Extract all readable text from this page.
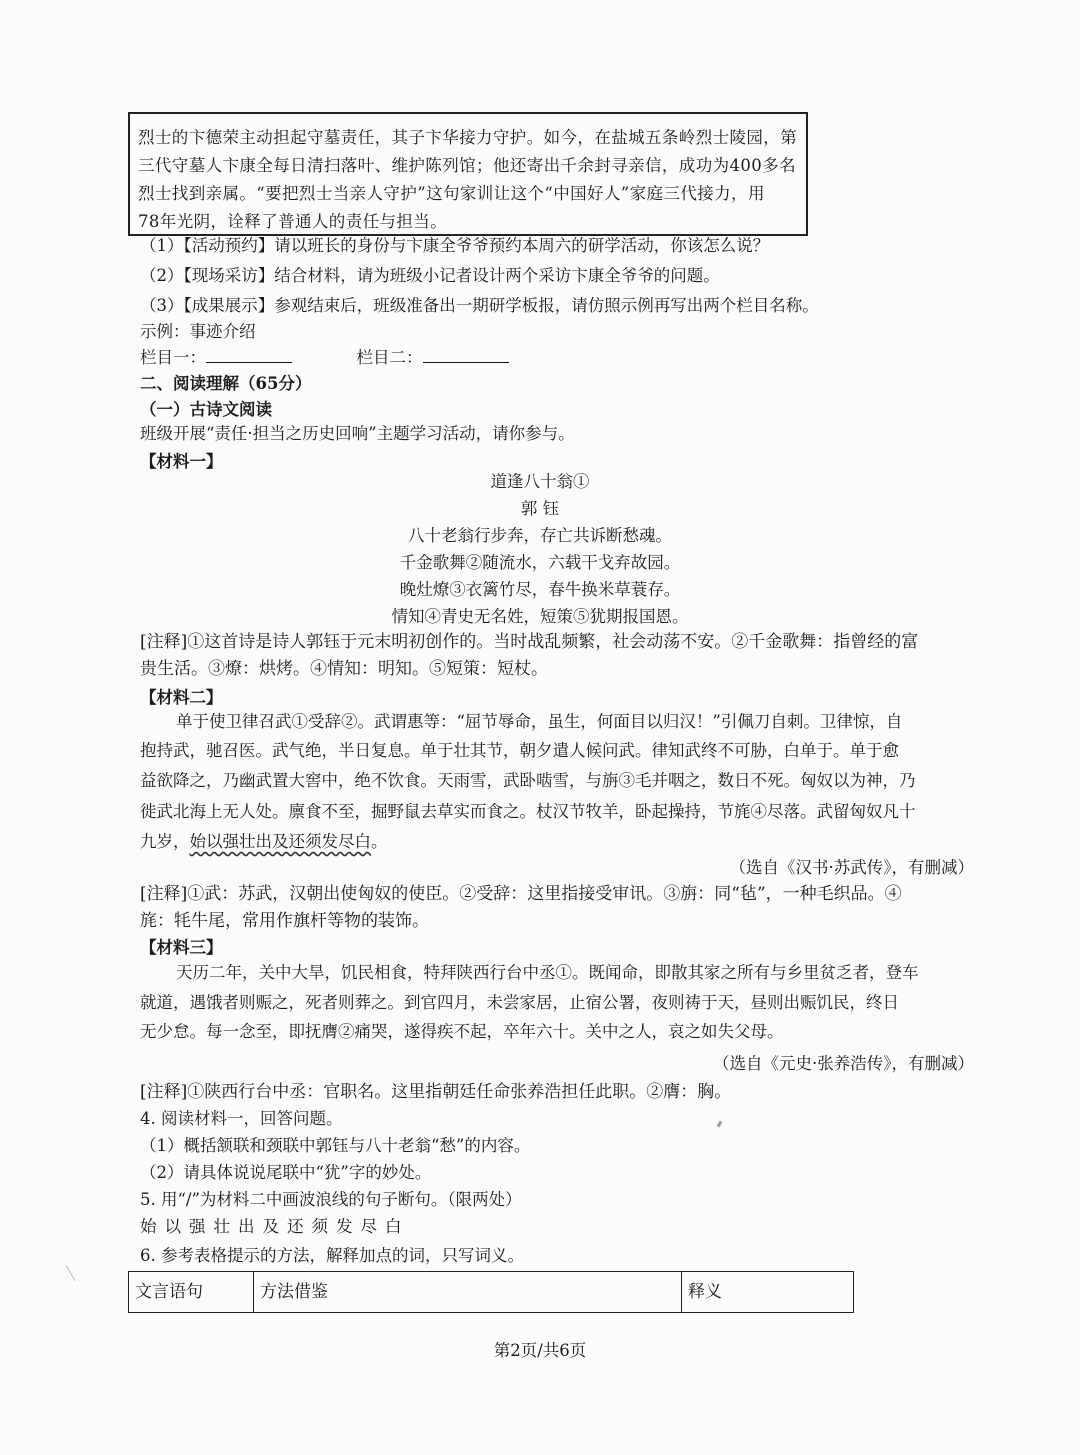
烈士的卞德荣主动担起守墓责任，其子卞华接力守护。如今，在盐城五条岭烈士陵园，第

三代守墓人卞康全每日清扫落叶、维护陈列馆；他还寄出千余封寻亲信，成功为400多名

烈士找到亲属。“要把烈士当亲人守护”这句家训让这个“中国好人”家庭三代接力，用

78年光阴，诠释了普通人的责任与担当。

（1）【活动预约】请以班长的身份与卞康全爷爷预约本周六的研学活动，你该怎么说？
（2）【现场采访】结合材料，请为班级小记者设计两个采访卞康全爷爷的问题。
（3）【成果展示】参观结束后，班级准备出一期研学板报，请仿照示例再写出两个栏目名称。
示例：事迹介绍
栏目一：	栏目二：
二、阅读理解（65分）
（一）古诗文阅读
班级开展“责任·担当之历史回响”主题学习活动，请你参与。
【材料一】
道逢八十翁①
郭 钰
八十老翁行步奔，存亡共诉断愁魂。
千金歌舞②随流水，六载干戈弃故园。
晚灶燎③衣篱竹尽，春牛换米草蓑存。
情知④青史无名姓，短策⑤犹期报国恩。
[注释]①这首诗是诗人郭钰于元末明初创作的。当时战乱频繁，社会动荡不安。②千金歌舞：指曾经的富
贵生活。③燎：烘烤。④情知：明知。⑤短策：短杖。
【材料二】
单于使卫律召武①受辞②。武谓惠等：“屈节辱命，虽生，何面目以归汉！”引佩刀自刺。卫律惊，自
抱持武，驰召医。武气绝，半日复息。单于壮其节，朝夕遣人候问武。律知武终不可胁，白单于。单于愈
益欲降之，乃幽武置大窖中，绝不饮食。天雨雪，武卧啮雪，与旃③毛并咽之，数日不死。匈奴以为神，乃
徙武北海上无人处。廪食不至，掘野鼠去草实而食之。杖汉节牧羊，卧起操持，节旄④尽落。武留匈奴凡十
九岁，始以强壮出及还须发尽白。
（选自《汉书·苏武传》，有删减）
[注释]①武：苏武，汉朝出使匈奴的使臣。②受辞：这里指接受审讯。③旃：同“毡”，一种毛织品。④
旄：牦牛尾，常用作旗杆等物的装饰。
【材料三】
天历二年，关中大旱，饥民相食，特拜陕西行台中丞①。既闻命，即散其家之所有与乡里贫乏者，登车
就道，遇饿者则赈之，死者则葬之。到官四月，未尝家居，止宿公署，夜则祷于天，昼则出赈饥民，终日
无少怠。每一念至，即抚膺②痛哭，遂得疾不起，卒年六十。关中之人，哀之如失父母。
（选自《元史·张养浩传》，有删减）
[注释]①陕西行台中丞：官职名。这里指朝廷任命张养浩担任此职。②膺：胸。
4. 阅读材料一，回答问题。
（1）概括颔联和颈联中郭钰与八十老翁“愁”的内容。
（2）请具体说说尾联中“犹”字的妙处。
5. 用“/”为材料二中画波浪线的句子断句。（限两处）
始以强壮出及还须发尽白
6. 参考表格提示的方法，解释加点的词，只写词义。
文言语句	方法借鉴	释义
第2页/共6页
